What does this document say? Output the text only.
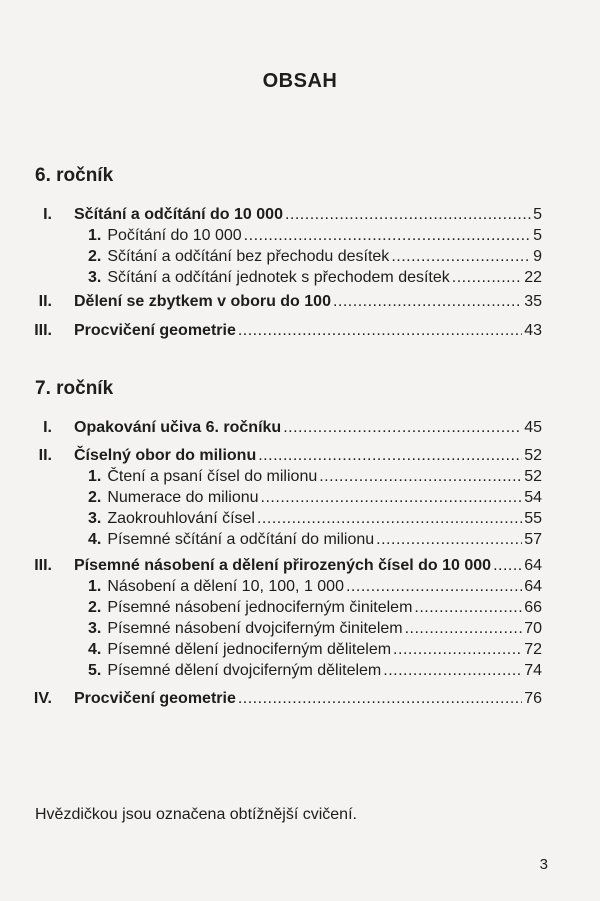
OBSAH
6. ročník
I. Sčítání a odčítání do 10 000 .....	5
1. Počítání do 10 000 .....	5
2. Sčítání a odčítání bez přechodu desítek .....	9
3. Sčítání a odčítání jednotek s přechodem desítek .....	22
II. Dělení se zbytkem v oboru do 100 .....	35
III. Procvičení geometrie .....	43
7. ročník
I. Opakování učiva 6. ročníku .....	45
II. Číselný obor do milionu .....	52
1. Čtení a psaní čísel do milionu .....	52
2. Numerace do milionu .....	54
3. Zaokrouhlování čísel .....	55
4. Písemné sčítání a odčítání do milionu .....	57
III. Písemné násobení a dělení přirozených čísel do 10 000 ..... 64
1. Násobení a dělení 10, 100, 1 000 .....	64
2. Písemné násobení jednociferným činitelem .....	66
3. Písemné násobení dvojciferným činitelem .....	70
4. Písemné dělení jednociferným dělitelem .....	72
5. Písemné dělení dvojciferným dělitelem .....	74
IV. Procvičení geometrie .....	76
Hvězdičkou jsou označena obtížnější cvičení.
3
